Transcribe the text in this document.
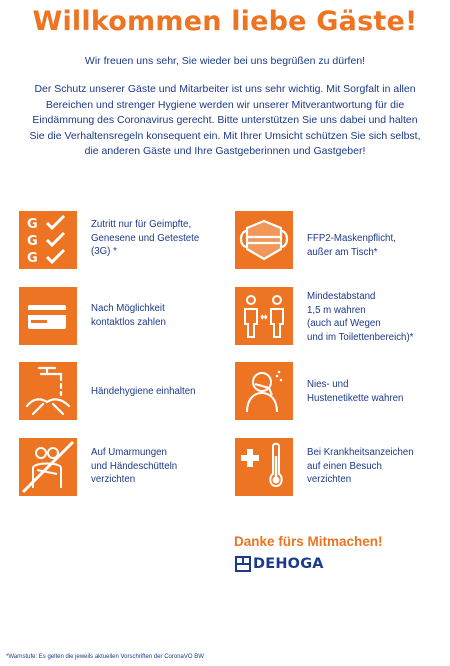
Willkommen liebe Gäste!
Wir freuen uns sehr, Sie wieder bei uns begrüßen zu dürfen!
Der Schutz unserer Gäste und Mitarbeiter ist uns sehr wichtig. Mit Sorgfalt in allen
Bereichen und strenger Hygiene werden wir unserer Mitverantwortung für die
Eindämmung des Coronavirus gerecht. Bitte unterstützen Sie uns dabei und halten
Sie die Verhaltensregeln konsequent ein. Mit Ihrer Umsicht schützen Sie sich selbst,
die anderen Gäste und Ihre Gastgeberinnen und Gastgeber!
G
G
G
Zutritt nur für Geimpfte,
Genesene und Getestete
(3G) *
FFP2-Maskenpflicht,
außer am Tisch*
Nach Möglichkeit
kontaktlos zahlen
Mindestabstand
1,5 m wahren
(auch auf Wegen
und im Toilettenbereich)*
Händehygiene einhalten
Nies- und
Hustenetikette wahren
Auf Umarmungen
und Händeschütteln
verzichten
Bei Krankheitsanzeichen
auf einen Besuch
verzichten
Danke fürs Mitmachen!
DEHOGA
*Warnstufe: Es gelten die jeweils aktuellen Vorschriften der CoronaVO BW
